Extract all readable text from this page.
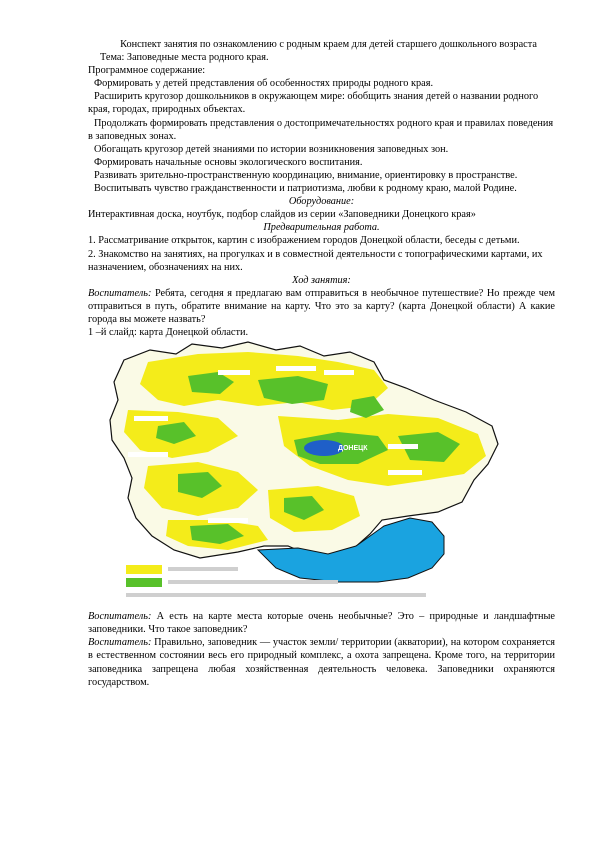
Конспект занятия по ознакомлению с родным краем для детей старшего дошкольного возраста

Тема: Заповедные места родного края.

Программное содержание:

Формировать у детей представления об особенностях природы родного края.

Расширить кругозор дошкольников в окружающем мире: обобщить знания детей о названии родного края, городах, природных объектах.

Продолжать формировать представления о достопримечательностях родного края и правилах поведения в заповедных зонах.

Обогащать кругозор детей знаниями по истории возникновения заповедных зон.

Формировать начальные основы экологического воспитания.

Развивать зрительно-пространственную координацию, внимание, ориентировку в пространстве.

Воспитывать чувство гражданственности и патриотизма, любви к родному краю, малой Родине.

Оборудование:

Интерактивная доска, ноутбук, подбор слайдов из серии «Заповедники Донецкого края»

Предварительная работа.

1. Рассматривание открыток, картин с изображением городов Донецкой области, беседы с детьми.

2. Знакомство на занятиях, на прогулках и в совместной деятельности с топографическими картами, их назначением, обозначениях на них.

Ход занятия:

Воспитатель: Ребята, сегодня я предлагаю вам отправиться в необычное путешествие? Но прежде чем отправиться в путь, обратите внимание на карту. Что это за карту? (карта Донецкой области) А какие города вы можете назвать?

1 –й слайд: карта Донецкой области.

ДОНЕЦК

Воспитатель: А есть на карте места которые очень необычные? Это – природные и ландшафтные заповедники. Что такое заповедник?

Воспитатель: Правильно, заповедник — участок земли/ территории (акватории), на котором сохраняется в естественном состоянии весь его природный комплекс, а охота запрещена. Кроме того, на территории заповедника запрещена любая хозяйственная деятельность человека. Заповедники охраняются государством.
